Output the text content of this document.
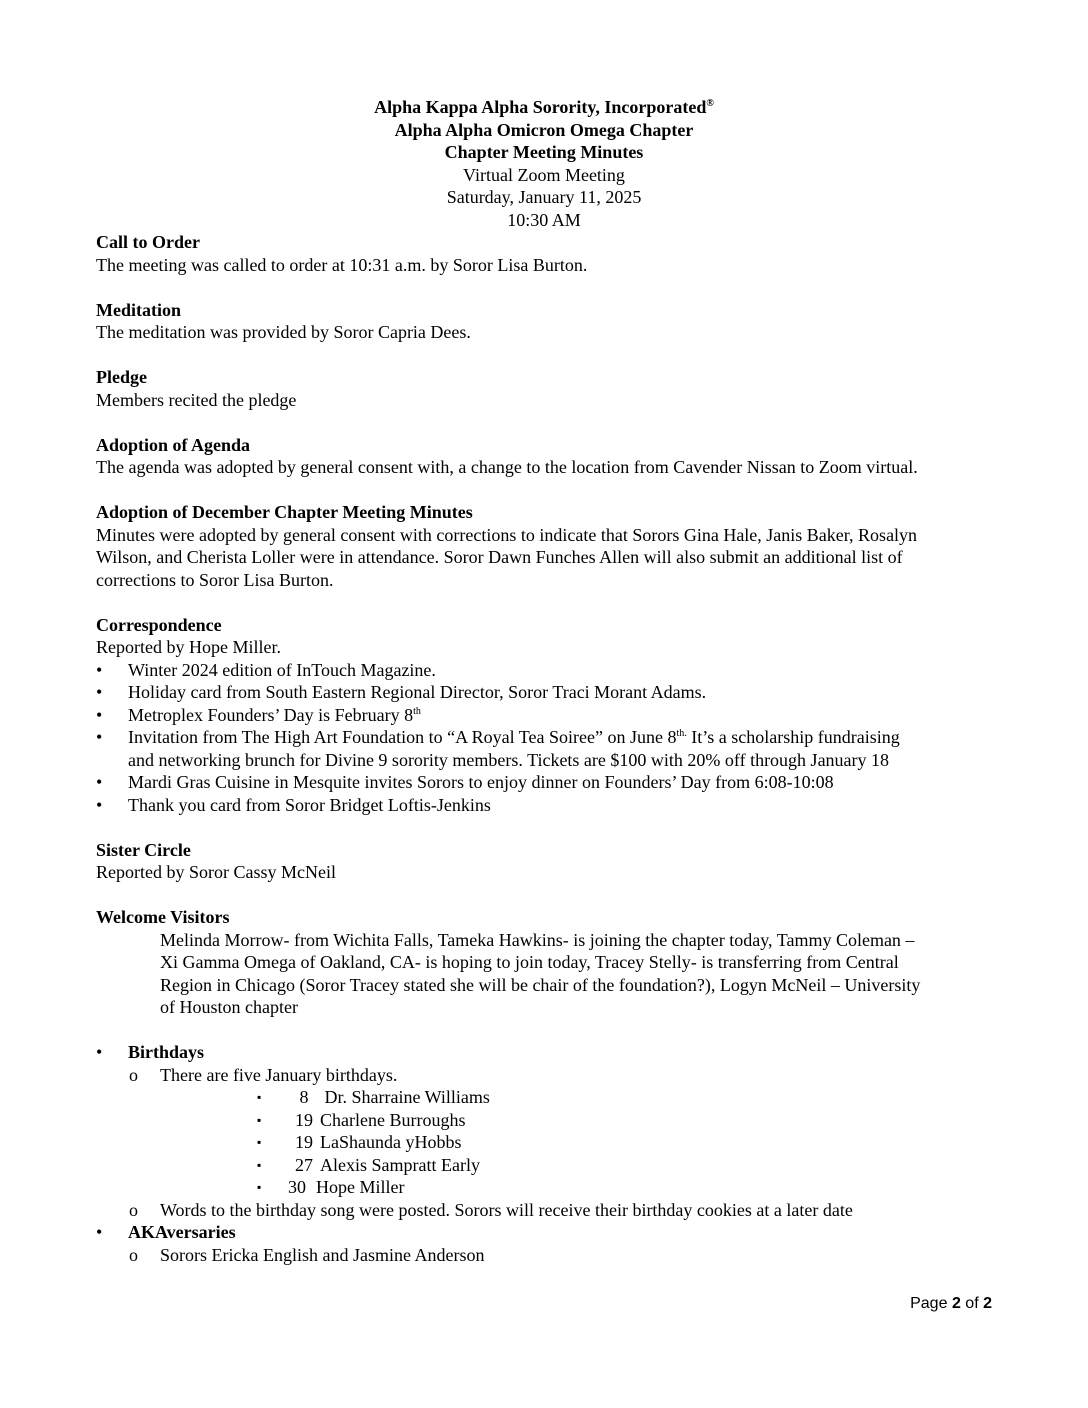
Alpha Kappa Alpha Sorority, Incorporated®
Alpha Alpha Omicron Omega Chapter
Chapter Meeting Minutes
Virtual Zoom Meeting
Saturday, January 11, 2025
10:30 AM
Call to Order
The meeting was called to order at 10:31 a.m. by Soror Lisa Burton.
Meditation
The meditation was provided by Soror Capria Dees.
Pledge
Members recited the pledge
Adoption of Agenda
The agenda was adopted by general consent with, a change to the location from Cavender Nissan to Zoom virtual.
Adoption of December Chapter Meeting Minutes
Minutes were adopted by general consent with corrections to indicate that Sorors Gina Hale, Janis Baker, Rosalyn
Wilson, and Cherista Loller were in attendance. Soror Dawn Funches Allen will also submit an additional list of
corrections to Soror Lisa Burton.
Correspondence
Reported by Hope Miller.
•	Winter 2024 edition of InTouch Magazine.
•	Holiday card from South Eastern Regional Director, Soror Traci Morant Adams.
•	Metroplex Founders’ Day is February 8th
•	Invitation from The High Art Foundation to “A Royal Tea Soiree” on June $8^{th.}$ It’s a scholarship fundraising
and networking brunch for Divine 9 sorority members. Tickets are $100 with 20% off through January 18
•	Mardi Gras Cuisine in Mesquite invites Sorors to enjoy dinner on Founders’ Day from 6:08-10:08
•	Thank you card from Soror Bridget Loftis-Jenkins
Sister Circle
Reported by Soror Cassy McNeil
Welcome Visitors
Melinda Morrow- from Wichita Falls, Tameka Hawkins- is joining the chapter today, Tammy Coleman –
Xi Gamma Omega of Oakland, CA- is hoping to join today, Tracey Stelly- is transferring from Central
Region in Chicago (Soror Tracey stated she will be chair of the foundation?), Logyn McNeil – University
of Houston chapter
•	Birthdays
o There are five January birthdays.
▪ 8 Dr. Sharraine Williams
▪ 19 Charlene Burroughs
▪ 19 LaShaunda yHobbs
▪ 27 Alexis Sampratt Early
▪ 30 Hope Miller
o Words to the birthday song were posted. Sorors will receive their birthday cookies at a later date
•	AKAversaries
o Sorors Ericka English and Jasmine Anderson
Page 2 of 2
